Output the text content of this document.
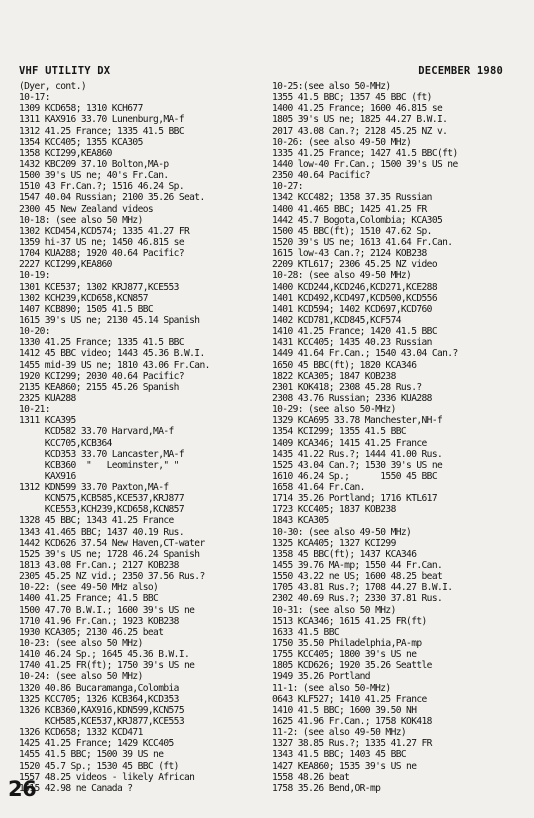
VHF UTILITY DX	DECEMBER 1980
(Dyer, cont.)
10-17:
1309 KCD658; 1310 KCH677
1311 KAX916 33.70 Lunenburg,MA-f
1312 41.25 France; 1335 41.5 BBC
1354 KCC405; 1355 KCA305
1358 KCI299,KEA860
1432 KBC209 37.10 Bolton,MA-p
1500 39's US ne; 40's Fr.Can.
1510 43 Fr.Can.?; 1516 46.24 Sp.
1547 40.04 Russian; 2100 35.26 Seat.
2300 45 New Zealand videos
10-18: (see also 50 MHz)
1302 KCD454,KCD574; 1335 41.27 FR
1359 hi-37 US ne; 1450 46.815 se
1704 KUA288; 1920 40.64 Pacific?
2227 KCI299,KEA860
10-19:
1301 KCE537; 1302 KRJ877,KCE553
1302 KCH239,KCD658,KCN857
1407 KCB890; 1505 41.5 BBC
1615 39's US ne; 2130 45.14 Spanish
10-20:
1330 41.25 France; 1335 41.5 BBC
1412 45 BBC video; 1443 45.36 B.W.I.
1455 mid-39 US ne; 1810 43.06 Fr.Can.
1920 KCI299; 2030 40.64 Pacific?
2135 KEA860; 2155 45.26 Spanish
2325 KUA288
10-21:
1311 KCA395
KCD582 33.70 Harvard,MA-f
KCC705,KCB364
KCD353 33.70 Lancaster,MA-f
KCB360  "   Leominster," "
KAX916
1312 KDN599 33.70 Paxton,MA-f
KCN575,KCB585,KCE537,KRJ877
KCE553,KCH239,KCD658,KCN857
1328 45 BBC; 1343 41.25 France
1343 41.465 BBC; 1437 40.19 Rus.
1442 KCD626 37.54 New Haven,CT-water
1525 39's US ne; 1728 46.24 Spanish
1813 43.08 Fr.Can.; 2127 KOB238
2305 45.25 NZ vid.; 2350 37.56 Rus.?
10-22: (see 49-50 MHz also)
1400 41.25 France; 41.5 BBC
1500 47.70 B.W.I.; 1600 39's US ne
1710 41.96 Fr.Can.; 1923 KOB238
1930 KCA305; 2130 46.25 beat
10-23: (see also 50 MHz)
1410 46.24 Sp.; 1645 45.36 B.W.I.
1740 41.25 FR(ft); 1750 39's US ne
10-24: (see also 50 MHz)
1320 40.86 Bucaramanga,Colombia
1325 KCC705; 1326 KCB364,KCD353
1326 KCB360,KAX916,KDN599,KCN575
KCH585,KCE537,KRJ877,KCE553
1326 KCD658; 1332 KCD471
1425 41.25 France; 1429 KCC405
1455 41.5 BBC; 1500 39 US ne
1520 45.7 Sp.; 1530 45 BBC (ft)
1557 48.25 videos - likely African
1615 42.98 ne Canada ?
10-25:(see also 50-MHz)
1355 41.5 BBC; 1357 45 BBC (ft)
1400 41.25 France; 1600 46.815 se
1805 39's US ne; 1825 44.27 B.W.I.
2017 43.08 Can.?; 2128 45.25 NZ v.
10-26: (see also 49-50 MHz)
1335 41.25 France; 1427 41.5 BBC(ft)
1440 low-40 Fr.Can.; 1500 39's US ne
2350 40.64 Pacific?
10-27:
1342 KCC482; 1358 37.35 Russian
1400 41.465 BBC; 1425 41.25 FR
1442 45.7 Bogota,Colombia; KCA305
1500 45 BBC(ft); 1510 47.62 Sp.
1520 39's US ne; 1613 41.64 Fr.Can.
1615 low-43 Can.?; 2124 KOB238
2209 KTL617; 2306 45.25 NZ video
10-28: (see also 49-50 MHz)
1400 KCD244,KCD246,KCD271,KCE288
1401 KCD492,KCD497,KCD500,KCD556
1401 KCD594; 1402 KCD697,KCD760
1402 KCD781,KCD845,KCF574
1410 41.25 France; 1420 41.5 BBC
1431 KCC405; 1435 40.23 Russian
1449 41.64 Fr.Can.; 1540 43.04 Can.?
1650 45 BBC(ft); 1820 KCA346
1822 KCA305; 1847 KOB238
2301 KOK418; 2308 45.28 Rus.?
2308 43.76 Russian; 2336 KUA288
10-29: (see also 50-MHz)
1329 KCA695 33.78 Manchester,NH-f
1354 KCI299; 1355 41.5 BBC
1409 KCA346; 1415 41.25 France
1435 41.22 Rus.?; 1444 41.00 Rus.
1525 43.04 Can.?; 1530 39's US ne
1610 46.24 Sp.;      1550 45 BBC
1658 41.64 Fr.Can.
1714 35.26 Portland; 1716 KTL617
1723 KCC405; 1837 KOB238
1843 KCA305
10-30: (see also 49-50 MHz)
1325 KCA405; 1327 KCI299
1358 45 BBC(ft); 1437 KCA346
1455 39.76 MA-mp; 1550 44 Fr.Can.
1550 43.22 ne US; 1600 48.25 beat
1705 43.81 Rus.?; 1708 44.27 B.W.I.
2302 40.69 Rus.?; 2330 37.81 Rus.
10-31: (see also 50 MHz)
1513 KCA346; 1615 41.25 FR(ft)
1633 41.5 BBC
1750 35.50 Philadelphia,PA-mp
1755 KCC405; 1800 39's US ne
1805 KCD626; 1920 35.26 Seattle
1949 35.26 Portland
11-1: (see also 50-MHz)
0643 KLF527; 1410 41.25 France
1410 41.5 BBC; 1600 39.50 NH
1625 41.96 Fr.Can.; 1758 KOK418
11-2: (see also 49-50 MHz)
1327 38.85 Rus.?; 1335 41.27 FR
1343 41.5 BBC; 1403 45 BBC
1427 KEA860; 1535 39's US ne
1558 48.26 beat
1758 35.26 Bend,OR-mp
26
